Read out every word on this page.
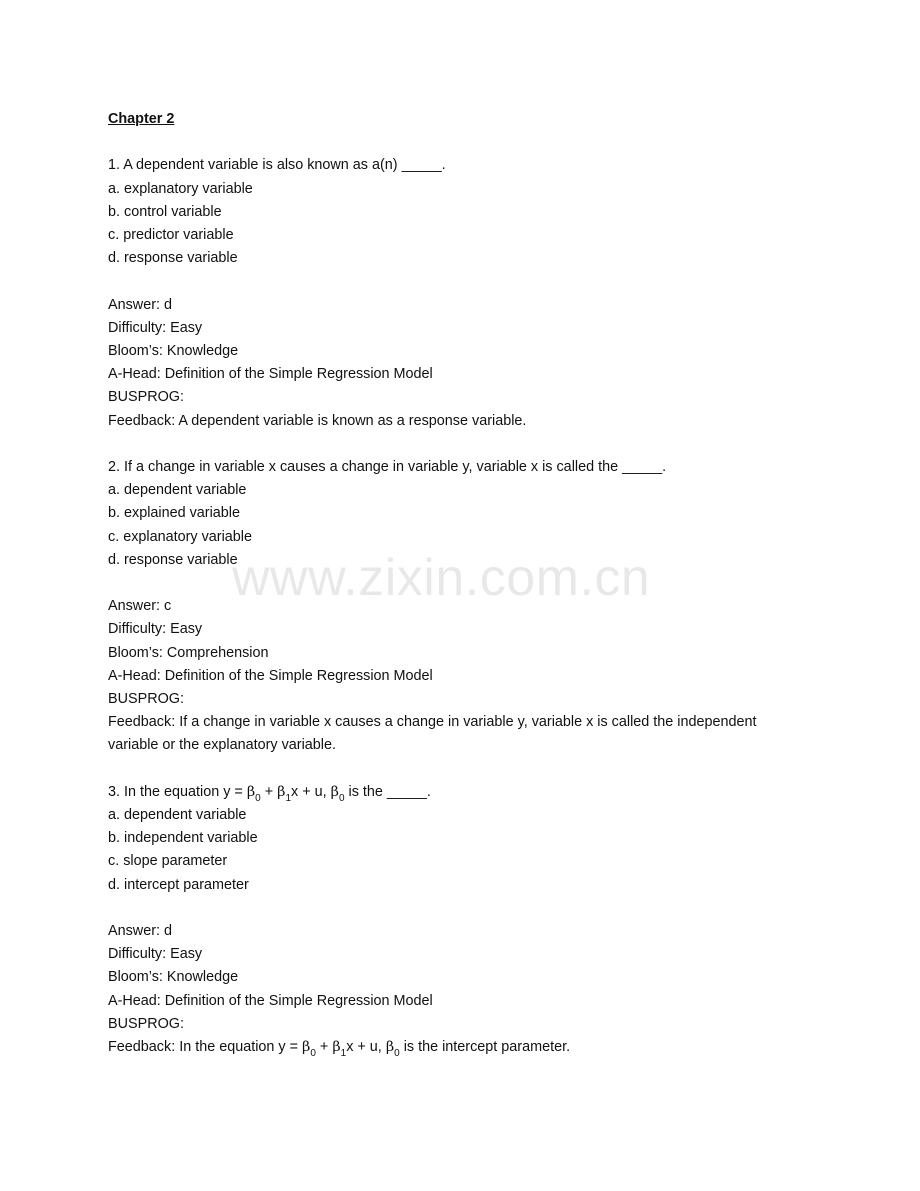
Chapter 2

1. A dependent variable is also known as a(n) _____.

a. explanatory variable

b. control variable

c. predictor variable

d. response variable

Answer: d

Difficulty: Easy

Bloom’s: Knowledge

A-Head: Definition of the Simple Regression Model

BUSPROG:

Feedback: A dependent variable is known as a response variable.

2. If a change in variable x causes a change in variable y, variable x is called the _____.

a. dependent variable

b. explained variable

c. explanatory variable

d. response variable

Answer: c

Difficulty: Easy

Bloom’s: Comprehension

A-Head: Definition of the Simple Regression Model

BUSPROG:

Feedback: If a change in variable x causes a change in variable y, variable x is called the independent variable or the explanatory variable.

3. In the equation $y = \beta_0 + \beta_1x + u$, $\beta_0$ is the _____.

a. dependent variable

b. independent variable

c. slope parameter

d. intercept parameter

Answer: d

Difficulty: Easy

Bloom’s: Knowledge

A-Head: Definition of the Simple Regression Model

BUSPROG:

Feedback: In the equation $y = \beta_0 + \beta_1x + u$, $\beta_0$ is the intercept parameter.

www.zixin.com.cn
